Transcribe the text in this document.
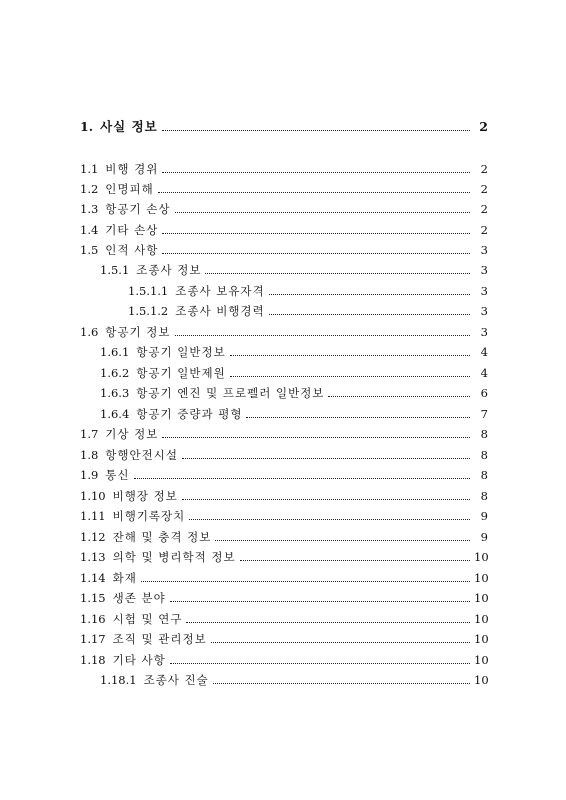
1. 사실 정보	2
1.1 비행 경위	2
1.2 인명피해	2
1.3 항공기 손상	2
1.4 기타 손상	2
1.5 인적 사항	3
1.5.1 조종사 정보	3
1.5.1.1 조종사 보유자격	3
1.5.1.2 조종사 비행경력	3
1.6 항공기 정보	3
1.6.1 항공기 일반정보	4
1.6.2 항공기 일반제원	4
1.6.3 항공기 엔진 및 프로펠러 일반정보	6
1.6.4 항공기 중량과 평형	7
1.7 기상 정보	8
1.8 항행안전시설	8
1.9 통신	8
1.10 비행장 정보	8
1.11 비행기록장치	9
1.12 잔해 및 충격 정보	9
1.13 의학 및 병리학적 정보	10
1.14 화재	10
1.15 생존 분야	10
1.16 시험 및 연구	10
1.17 조직 및 관리정보	10
1.18 기타 사항	10
1.18.1 조종사 진술	10
